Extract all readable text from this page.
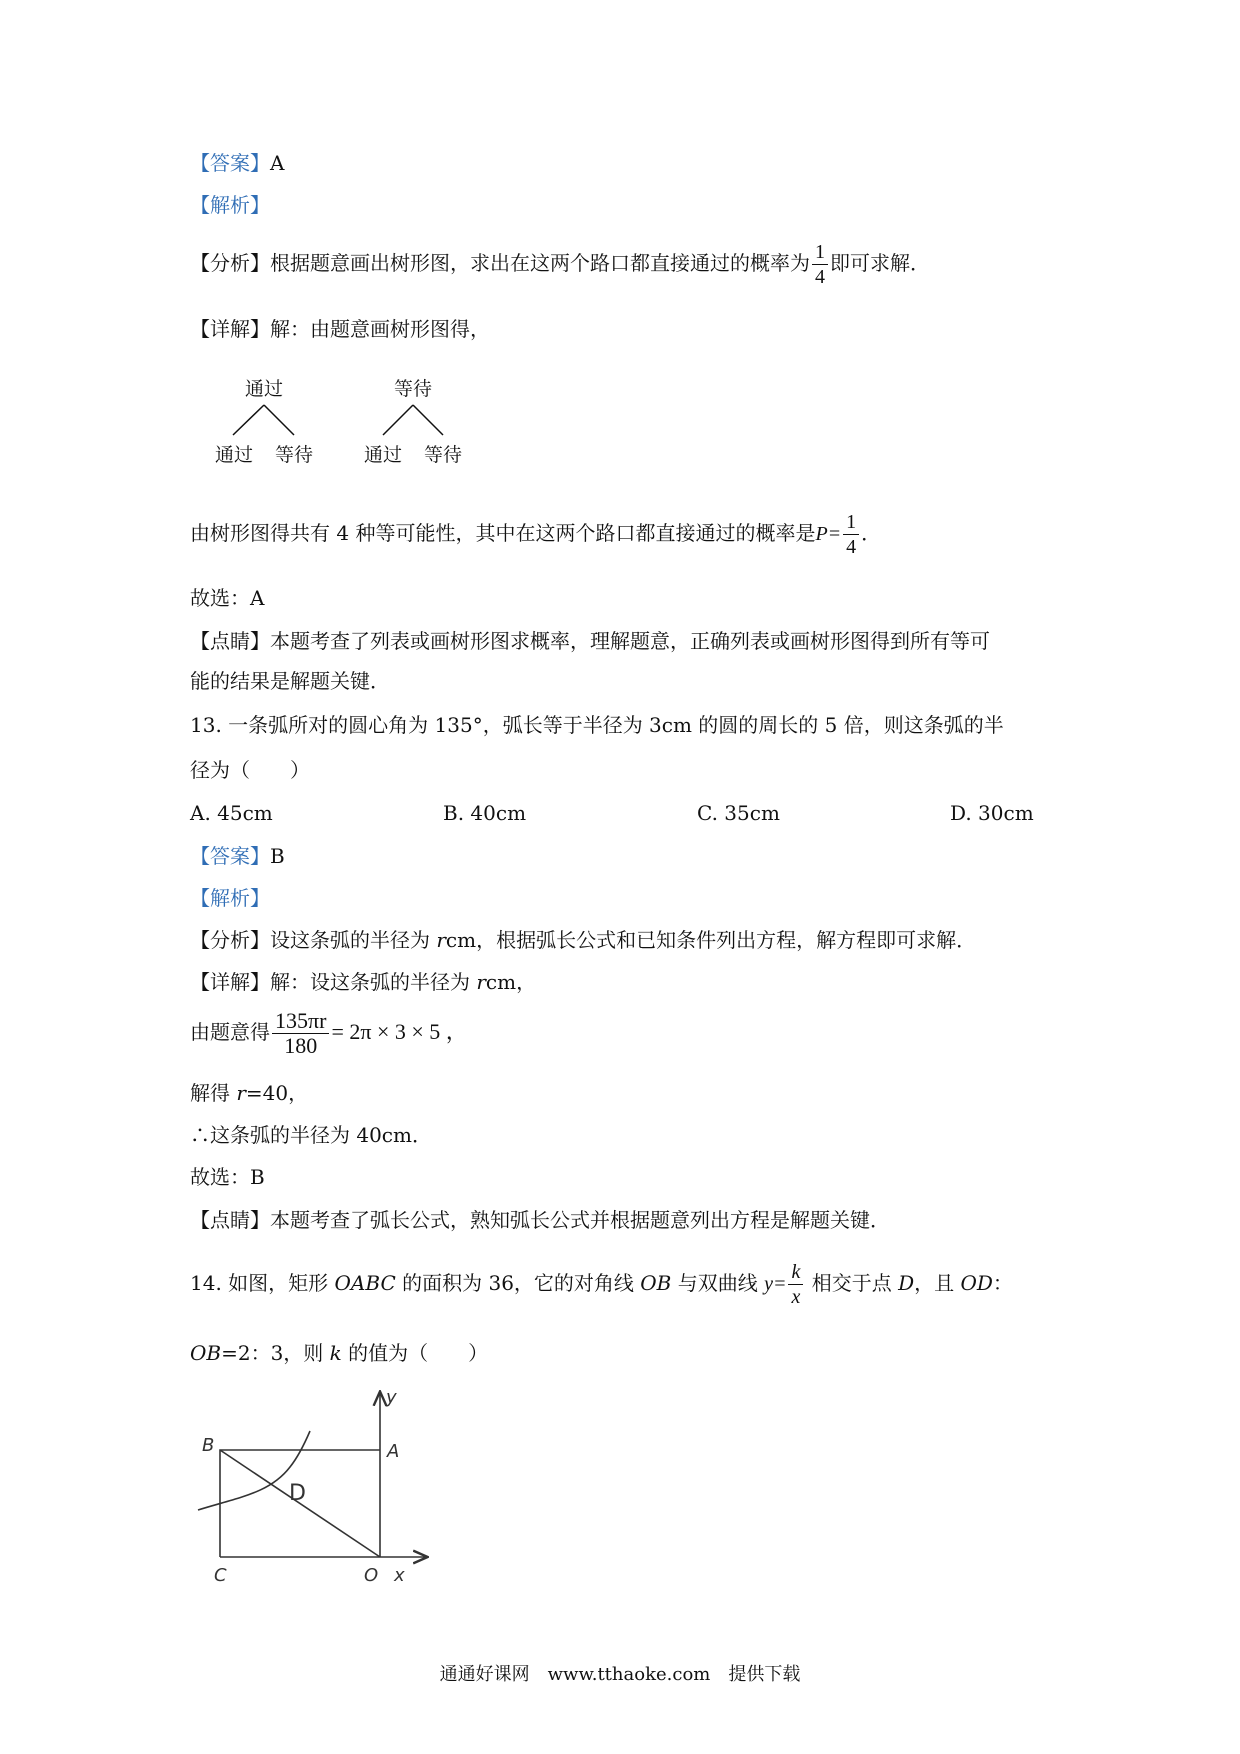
【答案】A
【解析】
【分析】根据题意画出树形图，求出在这两个路口都直接通过的概率为 $\frac{1}{4}$ 即可求解．
【详解】解：由题意画树形图得，
通过
通过 等待
等待
通过 等待
由树形图得共有 4 种等可能性，其中在这两个路口都直接通过的概率是$P= \frac{1}{4}$ ．
故选：A
【点睛】本题考查了列表或画树形图求概率，理解题意，正确列表或画树形图得到所有等可
能的结果是解题关键．
13. 一条弧所对的圆心角为 135°，弧长等于半径为 3cm 的圆的周长的 5 倍，则这条弧的半
径为（　　）
A. 45cm	B. 40cm	C. 35cm	D. 30cm
【答案】B
【解析】
【分析】设这条弧的半径为 rcm，根据弧长公式和已知条件列出方程，解方程即可求解．
【详解】解：设这条弧的半径为 rcm，
由题意得 $\frac{135\pi r}{180} = 2\pi \times 3 \times 5$ ，
解得 r=40，
∴这条弧的半径为 40cm．
故选：B
【点睛】本题考查了弧长公式，熟知弧长公式并根据题意列出方程是解题关键．
14. 如图，矩形 OABC 的面积为 36，它的对角线 OB 与双曲线 $y= \frac{k}{x}$ 相交于点 D，且 OD：
OB=2：3，则 k 的值为（　　）
B	A
D
C	O x
y
通通好课网　www.tthaoke.com　提供下载
